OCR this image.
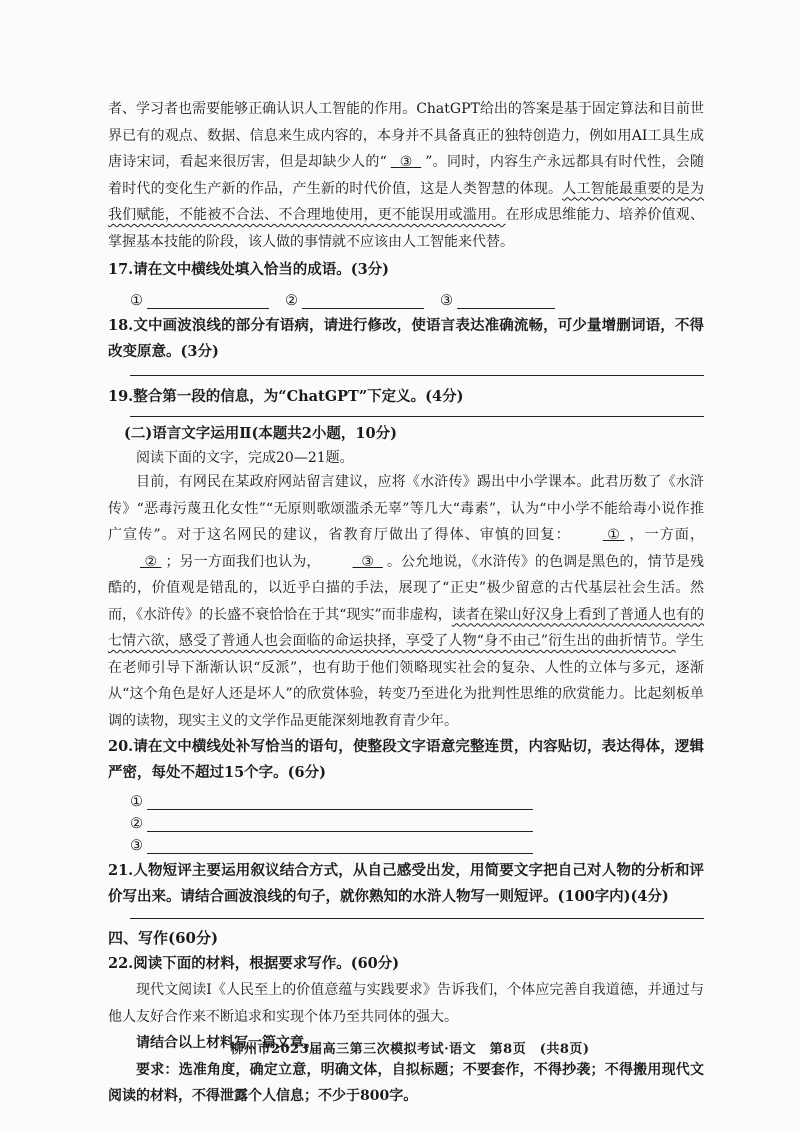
者、学习者也需要能够正确认识人工智能的作用。ChatGPT给出的答案是基于固定算法和目前世界已有的观点、数据、信息来生成内容的，本身并不具备真正的独特创造力，例如用AI工具生成唐诗宋词，看起来很厉害，但是却缺少人的“ ③ ”。同时，内容生产永远都具有时代性，会随着时代的变化生产新的作品，产生新的时代价值，这是人类智慧的体现。人工智能最重要的是为我们赋能，不能被不合法、不合理地使用，更不能误用或滥用。在形成思维能力、培养价值观、掌握基本技能的阶段，该人做的事情就不应该由人工智能来代替。

17.请在文中横线处填入恰当的成语。(3分)

①	②	③

18.文中画波浪线的部分有语病，请进行修改，使语言表达准确流畅，可少量增删词语，不得改变原意。(3分)

19.整合第一段的信息，为“ChatGPT”下定义。(4分)

(二)语言文字运用Ⅱ(本题共2小题，10分)

阅读下面的文字，完成20—21题。

目前，有网民在某政府网站留言建议，应将《水浒传》踢出中小学课本。此君历数了《水浒传》“恶毒污蔑丑化女性”“无原则歌颂滥杀无辜”等几大“毒素”，认为“中小学不能给毒小说作推广宣传”。对于这名网民的建议，省教育厅做出了得体、审慎的回复：	① ，一方面， ② ；另一方面我们也认为，	③ 。公允地说，《水浒传》的色调是黑色的，情节是残酷的，价值观是错乱的，以近乎白描的手法，展现了“正史”极少留意的古代基层社会生活。然而，《水浒传》的长盛不衰恰恰在于其“现实”而非虚构，读者在梁山好汉身上看到了普通人也有的七情六欲，感受了普通人也会面临的命运抉择，享受了人物“身不由己”衍生出的曲折情节。学生在老师引导下渐渐认识“反派”，也有助于他们领略现实社会的复杂、人性的立体与多元，逐渐从“这个角色是好人还是坏人”的欣赏体验，转变乃至进化为批判性思维的欣赏能力。比起刻板单调的读物，现实主义的文学作品更能深刻地教育青少年。

20.请在文中横线处补写恰当的语句，使整段文字语意完整连贯，内容贴切，表达得体，逻辑严密，每处不超过15个字。(6分)

①
②
③

21.人物短评主要运用叙议结合方式，从自己感受出发，用简要文字把自己对人物的分析和评价写出来。请结合画波浪线的句子，就你熟知的水浒人物写一则短评。(100字内)(4分)

四、写作(60分)

22.阅读下面的材料，根据要求写作。(60分)

现代文阅读Ⅰ《人民至上的价值意蕴与实践要求》告诉我们，个体应完善自我道德，并通过与他人友好合作来不断追求和实现个体乃至共同体的强大。

请结合以上材料写一篇文章。

要求：选准角度，确定立意，明确文体，自拟标题；不要套作，不得抄袭；不得搬用现代文阅读的材料，不得泄露个人信息；不少于800字。

柳州市2023届高三第三次模拟考试·语文　第8页　(共8页)
